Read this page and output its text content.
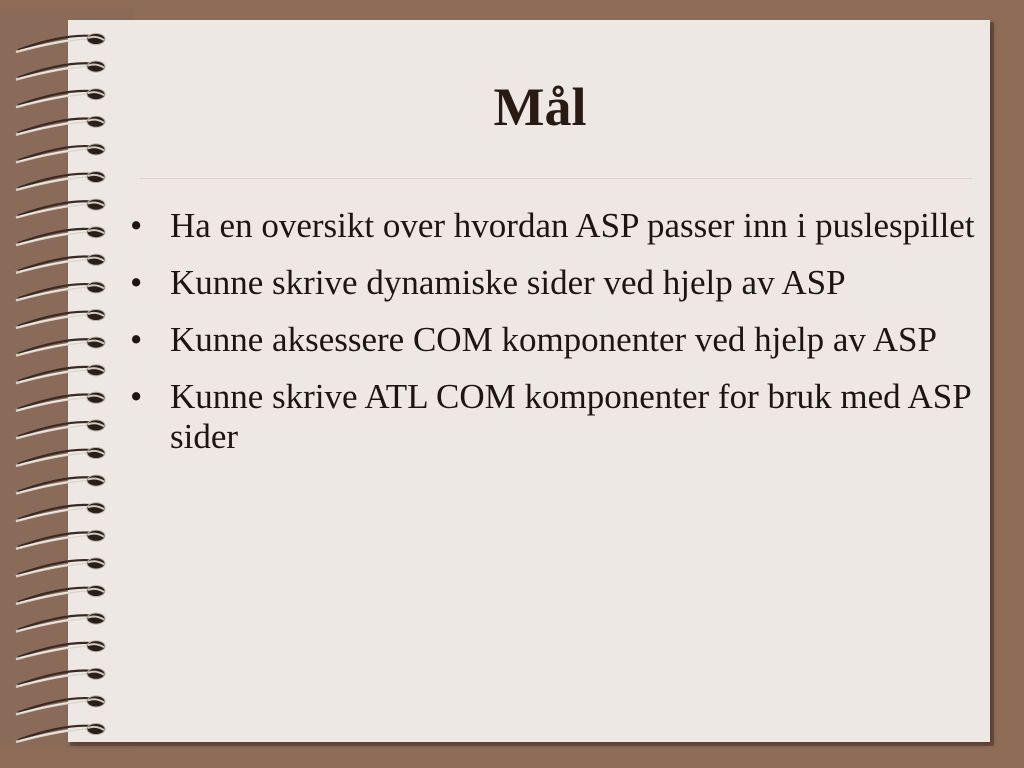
Mål
• Ha en oversikt over hvordan ASP passer inn i puslespillet
• Kunne skrive dynamiske sider ved hjelp av ASP
• Kunne aksessere COM komponenter ved hjelp av ASP
• Kunne skrive ATL COM komponenter for bruk med ASP sider
